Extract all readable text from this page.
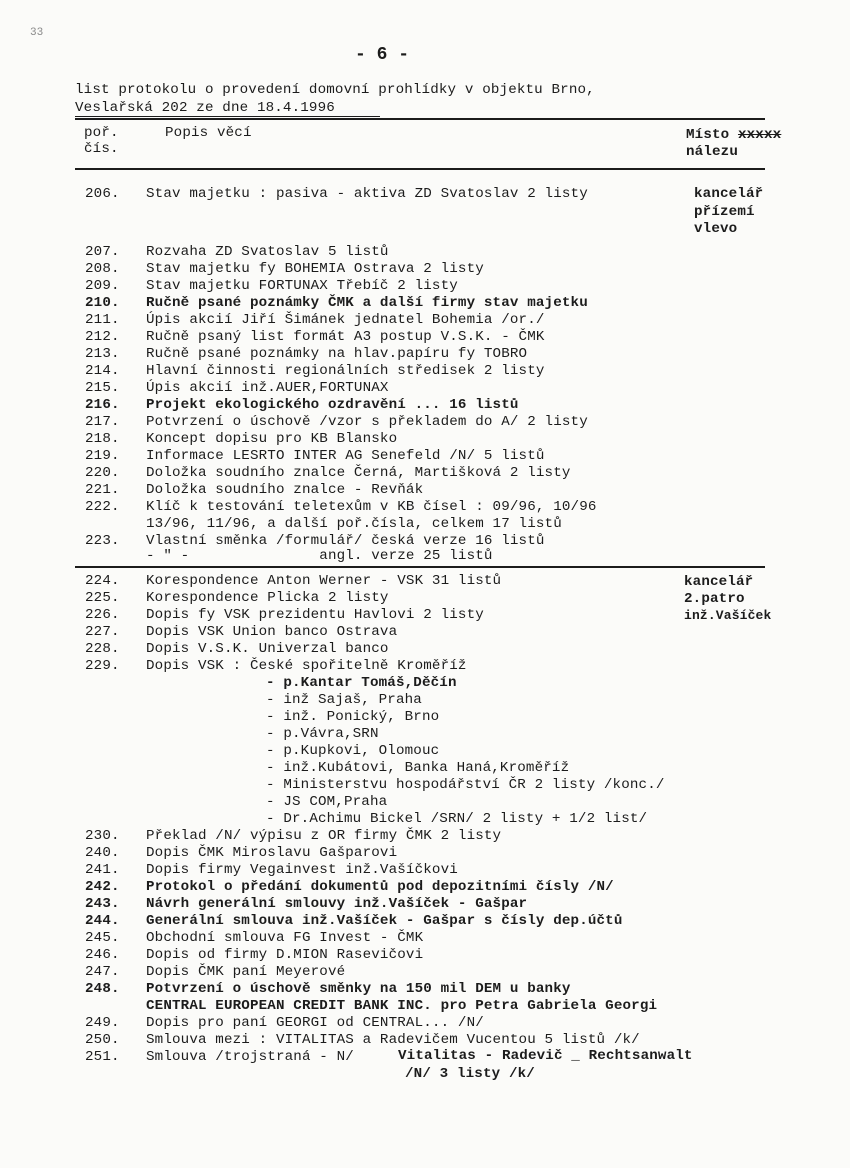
33
- 6 -
list protokolu o provedení domovní prohlídky v objektu Brno,
Veslařská 202 ze dne 18.4.1996
poř.
čís.
Popis věcí	Místo xxxxx
nálezu
206. Stav majetku : pasiva - aktiva ZD Svatoslav 2 listy
207. Rozvaha ZD Svatoslav 5 listů
208. Stav majetku fy BOHEMIA Ostrava 2 listy
209. Stav majetku FORTUNAX Třebíč 2 listy
210. Ručně psané poznámky ČMK a další firmy stav majetku
211. Úpis akcií Jiří Šimánek jednatel Bohemia /or./
212. Ručně psaný list formát A3 postup V.S.K. - ČMK
213. Ručně psané poznámky na hlav.papíru fy TOBRO
214. Hlavní činnosti regionálních středisek 2 listy
215. Úpis akcií inž.AUER,FORTUNAX
216. Projekt ekologického ozdravění ... 16 listů
217. Potvrzení o úschově /vzor s překladem do A/ 2 listy
218. Koncept dopisu pro KB Blansko
219. Informace LESRTO INTER AG Senefeld /N/ 5 listů
220. Doložka soudního znalce Černá, Martišková 2 listy
221. Doložka soudního znalce - Revňák
222. Klíč k testování teletexům v KB čísel : 09/96, 10/96
13/96, 11/96, a další poř.čísla, celkem 17 listů
223. Vlastní směnka /formulář/ česká verze 16 listů
- " -               angl. verze 25 listů
224. Korespondence Anton Werner - VSK 31 listů
225. Korespondence Plicka 2 listy
226. Dopis fy VSK prezidentu Havlovi 2 listy
227. Dopis VSK Union banco Ostrava
228. Dopis V.S.K. Univerzal banco
229. Dopis VSK : České spořitelně Kroměříž
- p.Kantar Tomáš,Děčín
- inž Sajaš, Praha
- inž. Ponický, Brno
- p.Vávra,SRN
- p.Kupkovi, Olomouc
- inž.Kubátovi, Banka Haná,Kroměříž
- Ministerstvu hospodářství ČR 2 listy /konc./
- JS COM,Praha
- Dr.Achimu Bickel /SRN/ 2 listy + 1/2 list/
230. Překlad /N/ výpisu z OR firmy ČMK 2 listy
240. Dopis ČMK Miroslavu Gašparovi
241. Dopis firmy Vegainvest inž.Vašíčkovi
242. Protokol o předání dokumentů pod depozitními čísly /N/
243. Návrh generální smlouvy inž.Vašíček - Gašpar
244. Generální smlouva inž.Vašíček - Gašpar s čísly dep.účtů
245. Obchodní smlouva FG Invest - ČMK
246. Dopis od firmy D.MION Rasevičovi
247. Dopis ČMK paní Meyerové
248. Potvrzení o úschově směnky na 150 mil DEM u banky
CENTRAL EUROPEAN CREDIT BANK INC. pro Petra Gabriela Georgi
249. Dopis pro paní GEORGI od CENTRAL... /N/
250. Smlouva mezi : VITALITAS a Radevičem Vucentou 5 listů /k/
251. Smlouva /trojstraná - N/	Vitalitas - Radevič _ Rechtsanwalt
/N/ 3 listy /k/
kancelář
přízemí
vlevo
kancelář
2.patro
inž.Vašíček
